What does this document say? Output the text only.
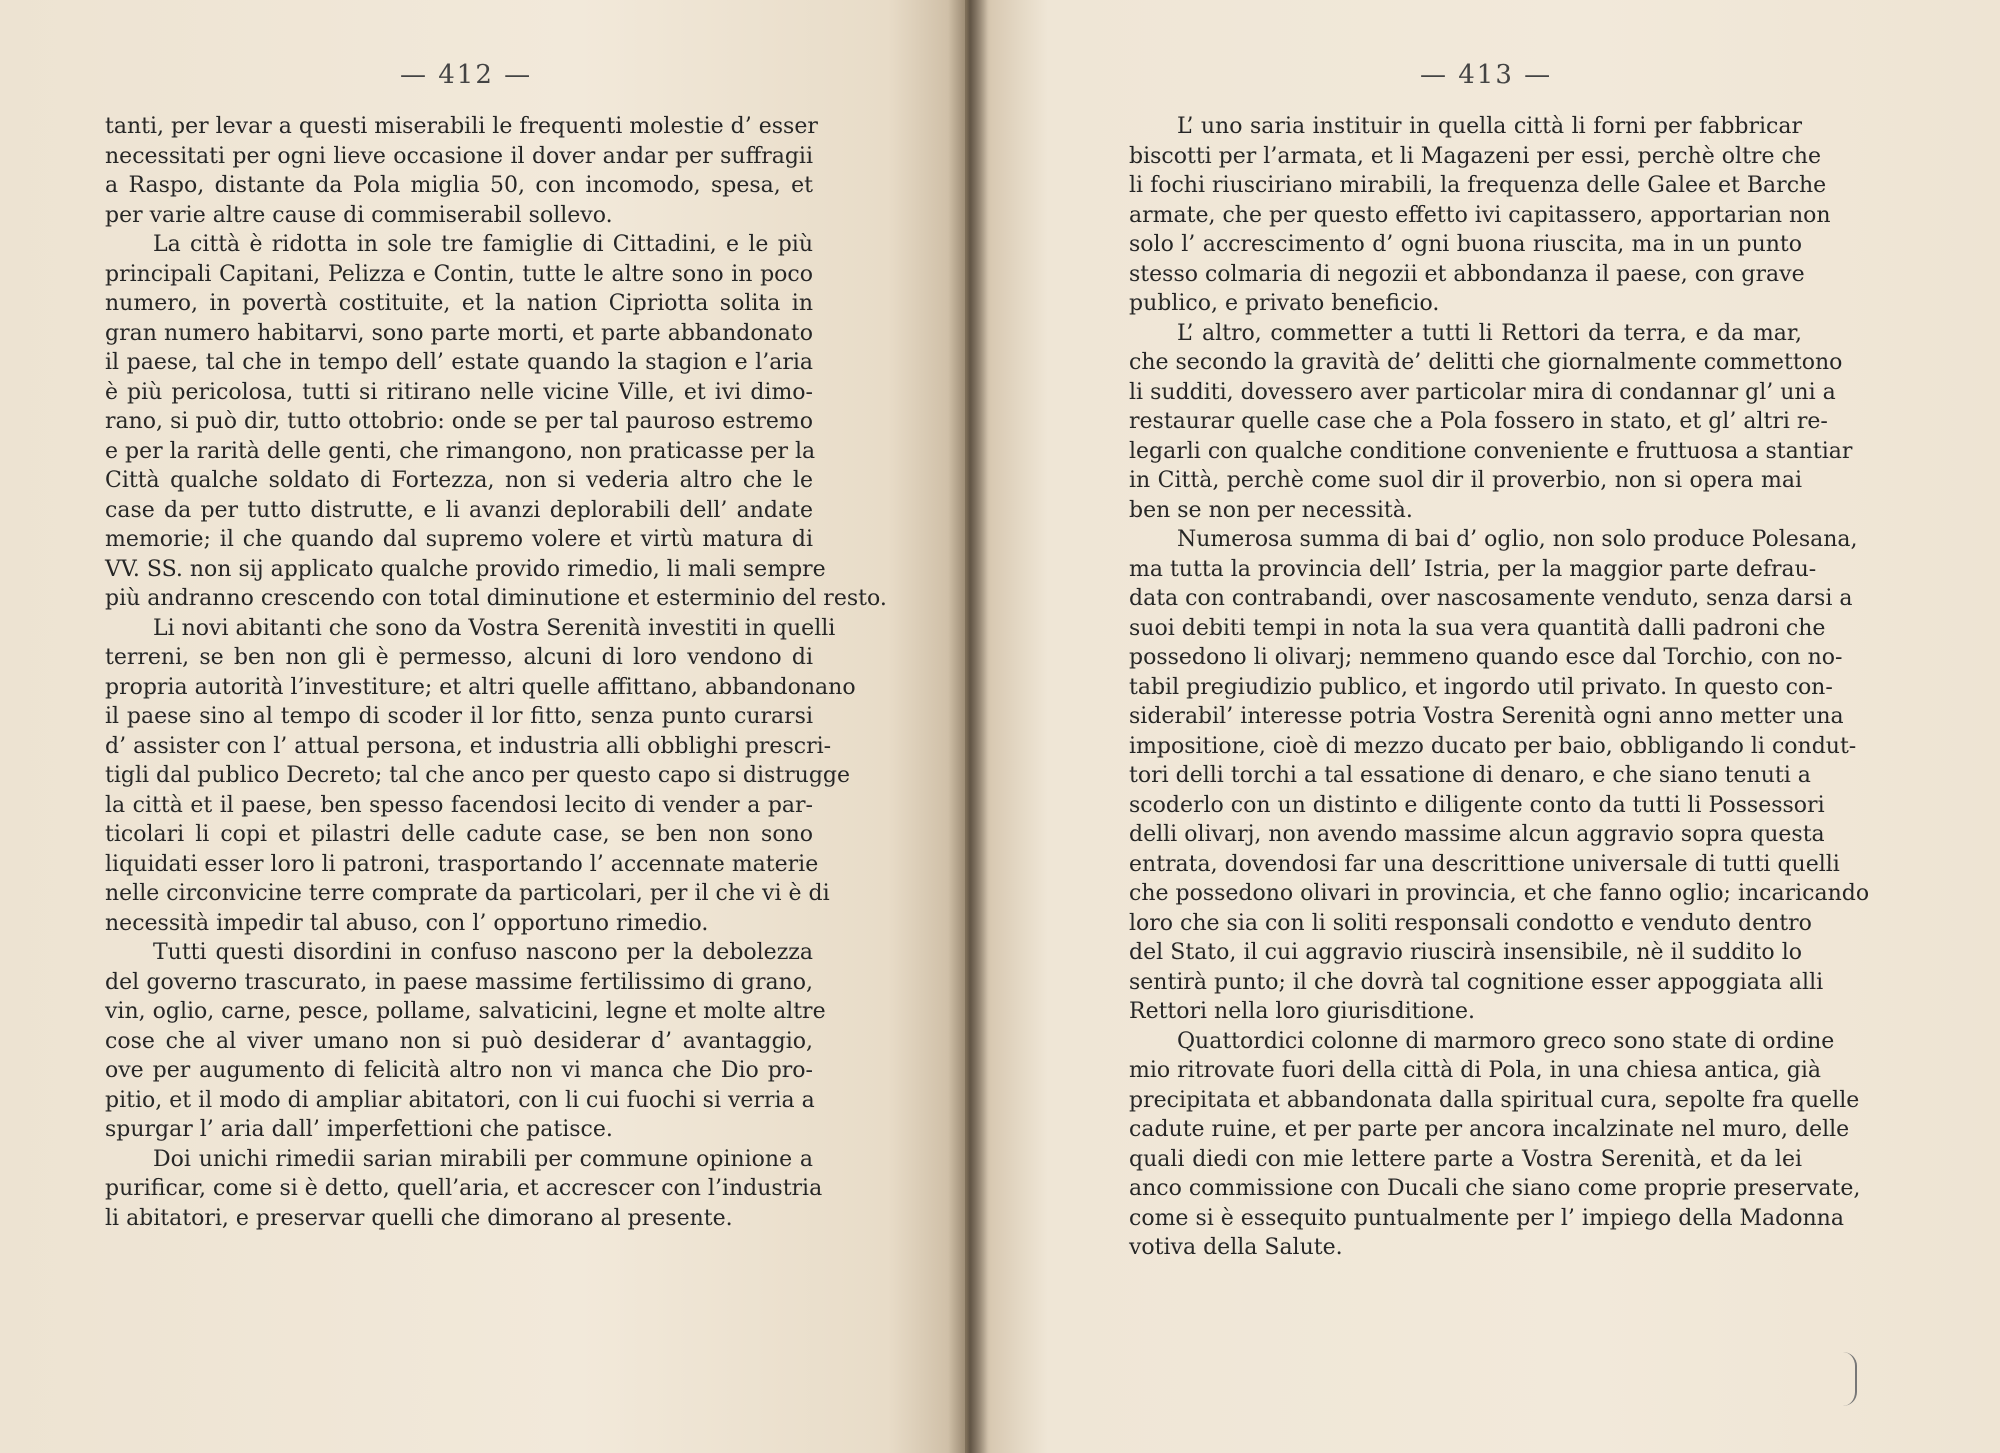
— 412 —
tanti, per levar a questi miserabili le frequenti molestie d’ esser
necessitati per ogni lieve occasione il dover andar per suffragii
a Raspo, distante da Pola miglia 50, con incomodo, spesa, et
per varie altre cause di commiserabil sollevo.
La città è ridotta in sole tre famiglie di Cittadini, e le più
principali Capitani, Pelizza e Contin, tutte le altre sono in poco
numero, in povertà costituite, et la nation Cipriotta solita in
gran numero habitarvi, sono parte morti, et parte abbandonato
il paese, tal che in tempo dell’ estate quando la stagion e l’aria
è più pericolosa, tutti si ritirano nelle vicine Ville, et ivi dimo-
rano, si può dir, tutto ottobrio: onde se per tal pauroso estremo
e per la rarità delle genti, che rimangono, non praticasse per la
Città qualche soldato di Fortezza, non si vederia altro che le
case da per tutto distrutte, e li avanzi deplorabili dell’ andate
memorie; il che quando dal supremo volere et virtù matura di
VV. SS. non sij applicato qualche provido rimedio, li mali sempre
più andranno crescendo con total diminutione et esterminio del resto.
Li novi abitanti che sono da Vostra Serenità investiti in quelli
terreni, se ben non gli è permesso, alcuni di loro vendono di
propria autorità l’investiture; et altri quelle affittano, abbandonano
il paese sino al tempo di scoder il lor fitto, senza punto curarsi
d’ assister con l’ attual persona, et industria alli obblighi prescri-
tigli dal publico Decreto; tal che anco per questo capo si distrugge
la città et il paese, ben spesso facendosi lecito di vender a par-
ticolari li copi et pilastri delle cadute case, se ben non sono
liquidati esser loro li patroni, trasportando l’ accennate materie
nelle circonvicine terre comprate da particolari, per il che vi è di
necessità impedir tal abuso, con l’ opportuno rimedio.
Tutti questi disordini in confuso nascono per la debolezza
del governo trascurato, in paese massime fertilissimo di grano,
vin, oglio, carne, pesce, pollame, salvaticini, legne et molte altre
cose che al viver umano non si può desiderar d’ avantaggio,
ove per augumento di felicità altro non vi manca che Dio pro-
pitio, et il modo di ampliar abitatori, con li cui fuochi si verria a
spurgar l’ aria dall’ imperfettioni che patisce.
Doi unichi rimedii sarian mirabili per commune opinione a
purificar, come si è detto, quell’aria, et accrescer con l’industria
li abitatori, e preservar quelli che dimorano al presente.
— 413 —
L’ uno saria instituir in quella città li forni per fabbricar
biscotti per l’armata, et li Magazeni per essi, perchè oltre che
li fochi riusciriano mirabili, la frequenza delle Galee et Barche
armate, che per questo effetto ivi capitassero, apportarian non
solo l’ accrescimento d’ ogni buona riuscita, ma in un punto
stesso colmaria di negozii et abbondanza il paese, con grave
publico, e privato beneficio.
L’ altro, commetter a tutti li Rettori da terra, e da mar,
che secondo la gravità de’ delitti che giornalmente commettono
li sudditi, dovessero aver particolar mira di condannar gl’ uni a
restaurar quelle case che a Pola fossero in stato, et gl’ altri re-
legarli con qualche conditione conveniente e fruttuosa a stantiar
in Città, perchè come suol dir il proverbio, non si opera mai
ben se non per necessità.
Numerosa summa di bai d’ oglio, non solo produce Polesana,
ma tutta la provincia dell’ Istria, per la maggior parte defrau-
data con contrabandi, over nascosamente venduto, senza darsi a
suoi debiti tempi in nota la sua vera quantità dalli padroni che
possedono li olivarj; nemmeno quando esce dal Torchio, con no-
tabil pregiudizio publico, et ingordo util privato. In questo con-
siderabil’ interesse potria Vostra Serenità ogni anno metter una
impositione, cioè di mezzo ducato per baio, obbligando li condut-
tori delli torchi a tal essatione di denaro, e che siano tenuti a
scoderlo con un distinto e diligente conto da tutti li Possessori
delli olivarj, non avendo massime alcun aggravio sopra questa
entrata, dovendosi far una descrittione universale di tutti quelli
che possedono olivari in provincia, et che fanno oglio; incaricando
loro che sia con li soliti responsali condotto e venduto dentro
del Stato, il cui aggravio riuscirà insensibile, nè il suddito lo
sentirà punto; il che dovrà tal cognitione esser appoggiata alli
Rettori nella loro giurisditione.
Quattordici colonne di marmoro greco sono state di ordine
mio ritrovate fuori della città di Pola, in una chiesa antica, già
precipitata et abbandonata dalla spiritual cura, sepolte fra quelle
cadute ruine, et per parte per ancora incalzinate nel muro, delle
quali diedi con mie lettere parte a Vostra Serenità, et da lei
anco commissione con Ducali che siano come proprie preservate,
come si è essequito puntualmente per l’ impiego della Madonna
votiva della Salute.
